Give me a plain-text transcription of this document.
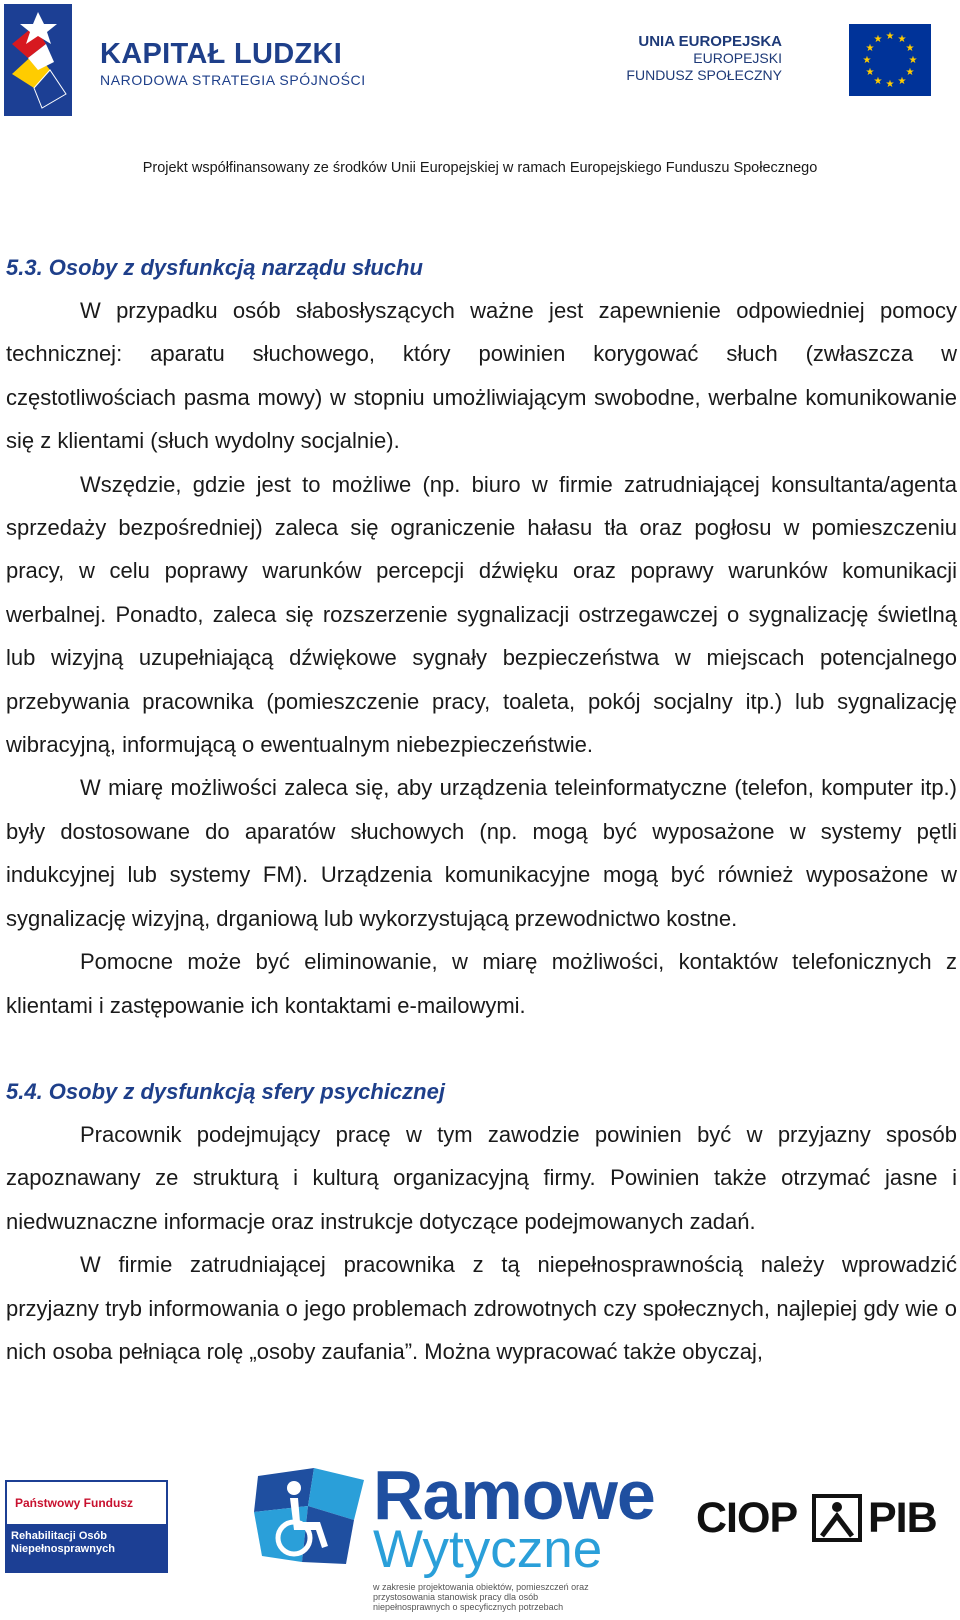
KAPITAŁ LUDZKI
NARODOWA STRATEGIA SPÓJNOŚCI
UNIA EUROPEJSKA
EUROPEJSKI
FUNDUSZ SPOŁECZNY
★ ★
★
★
★
★
★
★
★
★
★
★
Projekt współfinansowany ze środków Unii Europejskiej w ramach Europejskiego Funduszu Społecznego
5.3. Osoby z dysfunkcją narządu słuchu
W przypadku osób słabosłyszących ważne jest zapewnienie odpowiedniej pomocy technicznej: aparatu słuchowego, który powinien korygować słuch (zwłaszcza w częstotliwościach pasma mowy) w stopniu umożliwiającym swobodne, werbalne komunikowanie się z klientami (słuch wydolny socjalnie).
Wszędzie, gdzie jest to możliwe (np. biuro w firmie zatrudniającej konsultanta/agenta sprzedaży bezpośredniej) zaleca się ograniczenie hałasu tła oraz pogłosu w pomieszczeniu pracy, w celu poprawy warunków percepcji dźwięku oraz poprawy warunków komunikacji werbalnej. Ponadto, zaleca się rozszerzenie sygnalizacji ostrzegawczej o sygnalizację świetlną lub wizyjną uzupełniającą dźwiękowe sygnały bezpieczeństwa w miejscach potencjalnego przebywania pracownika (pomieszczenie pracy, toaleta, pokój socjalny itp.) lub sygnalizację wibracyjną, informującą o ewentualnym niebezpieczeństwie.
W miarę możliwości zaleca się, aby urządzenia teleinformatyczne (telefon, komputer itp.) były dostosowane do aparatów słuchowych (np. mogą być wyposażone w systemy pętli indukcyjnej lub systemy FM). Urządzenia komunikacyjne mogą być również wyposażone w sygnalizację wizyjną, drganiową lub wykorzystującą przewodnictwo kostne.
Pomocne może być eliminowanie, w miarę możliwości, kontaktów telefonicznych z klientami i zastępowanie ich kontaktami e-mailowymi.
5.4. Osoby z dysfunkcją sfery psychicznej
Pracownik podejmujący pracę w tym zawodzie powinien być w przyjazny sposób zapoznawany ze strukturą i kulturą organizacyjną firmy. Powinien także otrzymać jasne i niedwuznaczne informacje oraz instrukcje dotyczące podejmowanych zadań.
W firmie zatrudniającej pracownika z tą niepełnosprawnością należy wprowadzić przyjazny tryb informowania o jego problemach zdrowotnych czy społecznych, najlepiej gdy wie o nich osoba pełniąca rolę „osoby zaufania”. Można wypracować także obyczaj,
Państwowy Fundusz
Rehabilitacji Osób
Niepełnosprawnych
Ramowe
Wytyczne
w zakresie projektowania obiektów, pomieszczeń oraz przystosowania stanowisk pracy dla osób niepełnosprawnych o specyficznych potrzebach
CIOP PIB
